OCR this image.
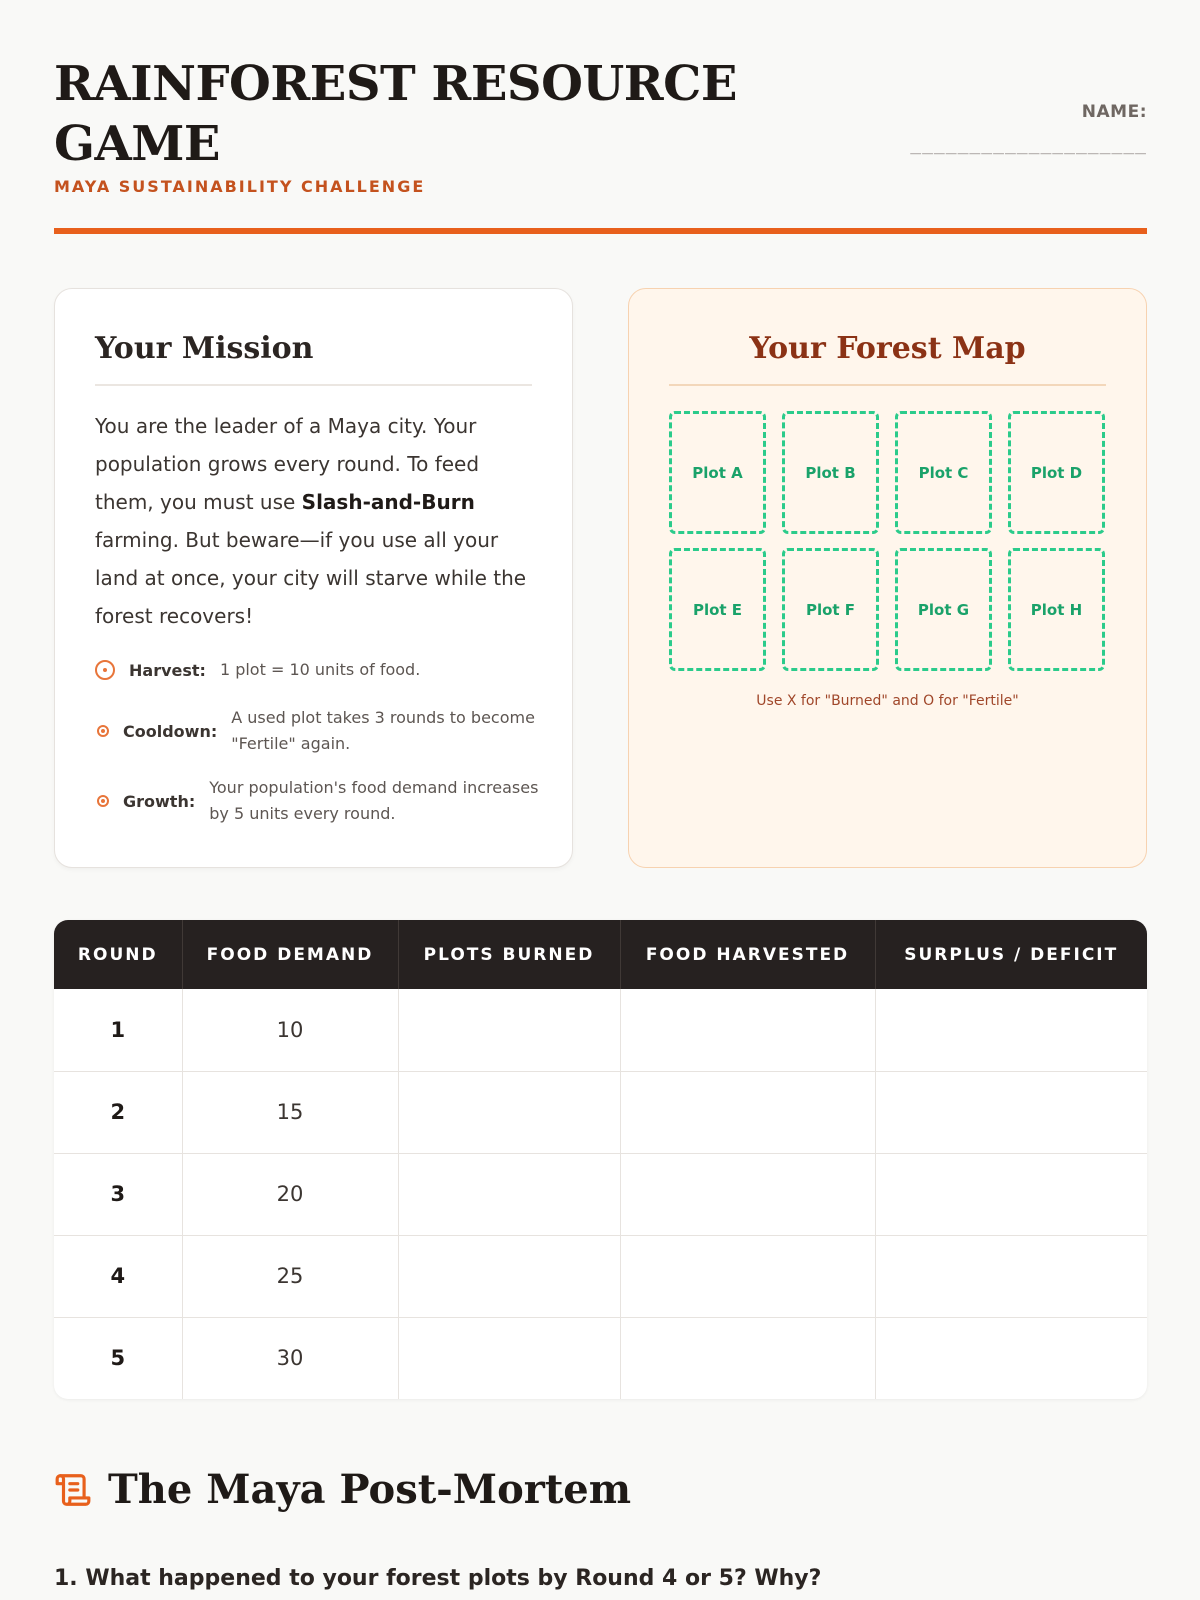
RAINFOREST RESOURCE GAME
MAYA SUSTAINABILITY CHALLENGE
NAME:
____________________
Your Mission
You are the leader of a Maya city. Your population grows every round. To feed them, you must use Slash-and-Burn farming. But beware—if you use all your land at once, your city will starve while the forest recovers!
Harvest: 1 plot = 10 units of food.
Cooldown:
A used plot takes 3 rounds to become "Fertile" again.
Growth:
Your population's food demand increases by 5 units every round.
Your Forest Map
Plot A	Plot B	Plot C	Plot D
Plot E	Plot F	Plot G	Plot H
Use X for "Burned" and O for "Fertile"
ROUND	FOOD DEMAND	PLOTS BURNED	FOOD HARVESTED	SURPLUS / DEFICIT
1	10			
2	15			
3	20			
4	25			
5	30			
The Maya Post-Mortem
1. What happened to your forest plots by Round 4 or 5? Why?
